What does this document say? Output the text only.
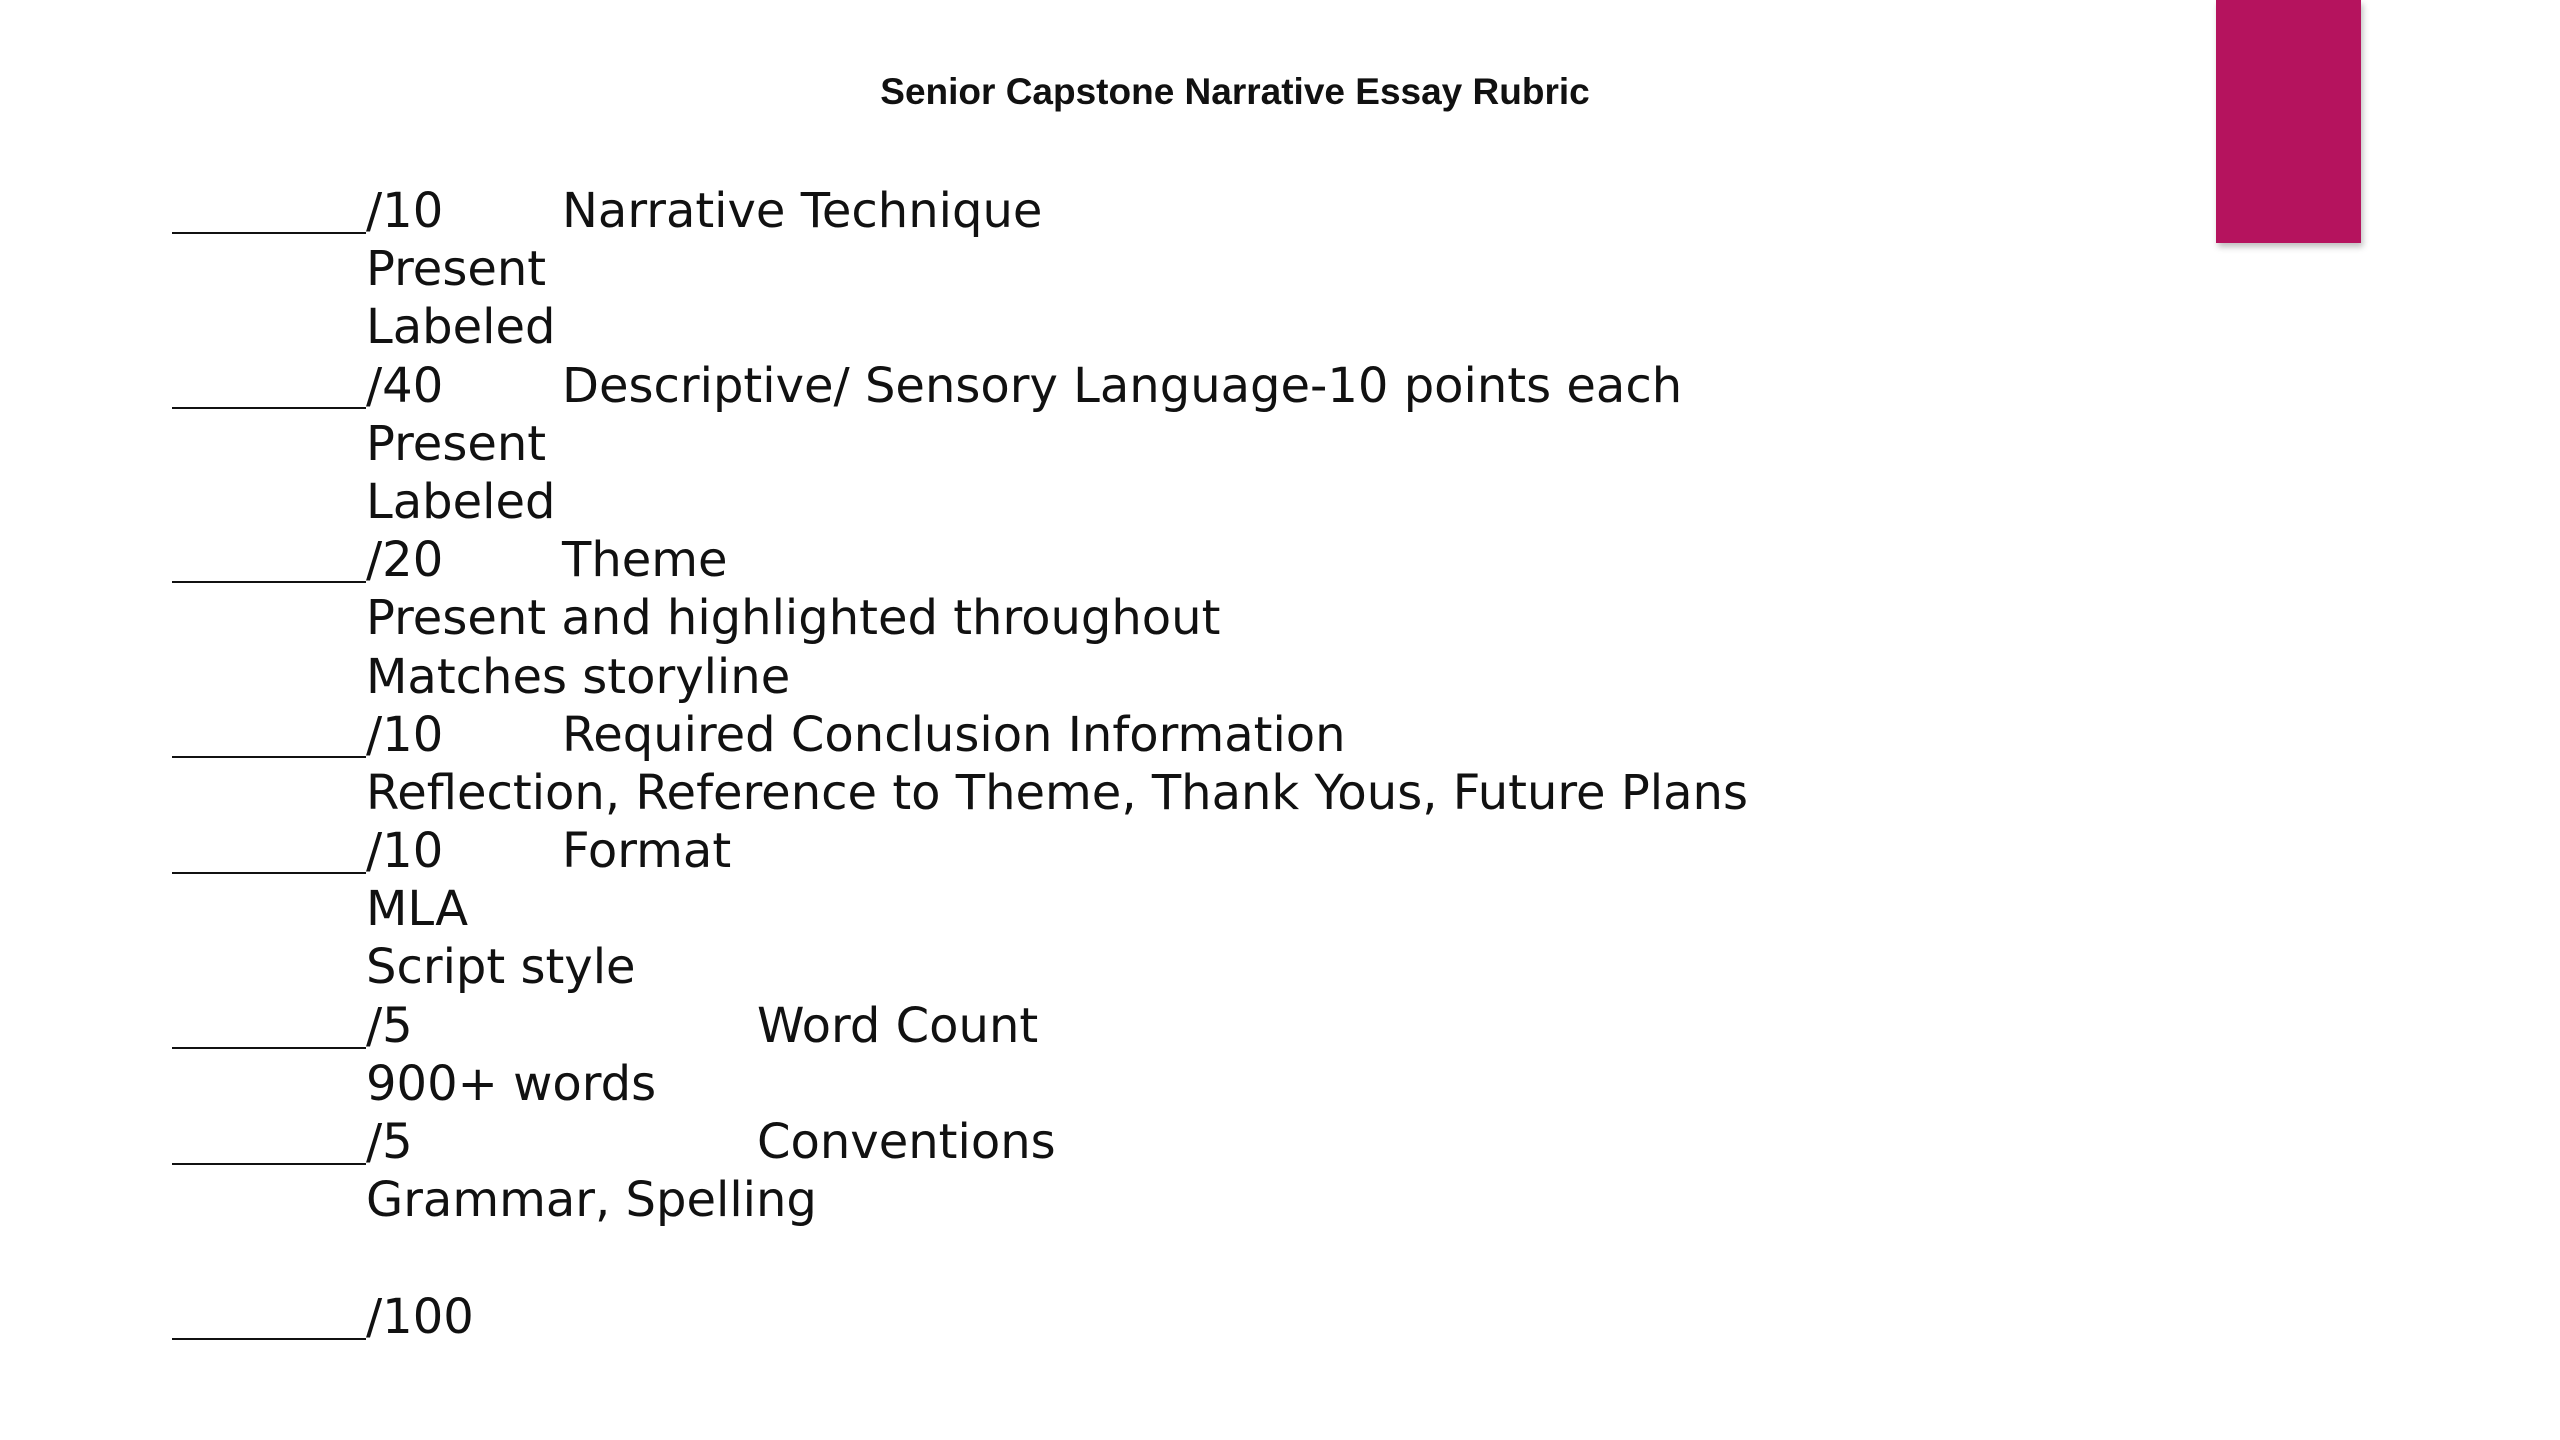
Senior Capstone Narrative Essay Rubric
/10 Narrative Technique
Present
Labeled
/40 Descriptive/ Sensory Language-10 points each
Present
Labeled
/20 Theme
Present and highlighted throughout
Matches storyline
/10 Required Conclusion Information
Reflection, Reference to Theme, Thank Yous, Future Plans
/10 Format
MLA
Script style
/5	Word Count
900+ words
/5	Conventions
Grammar, Spelling
/100
